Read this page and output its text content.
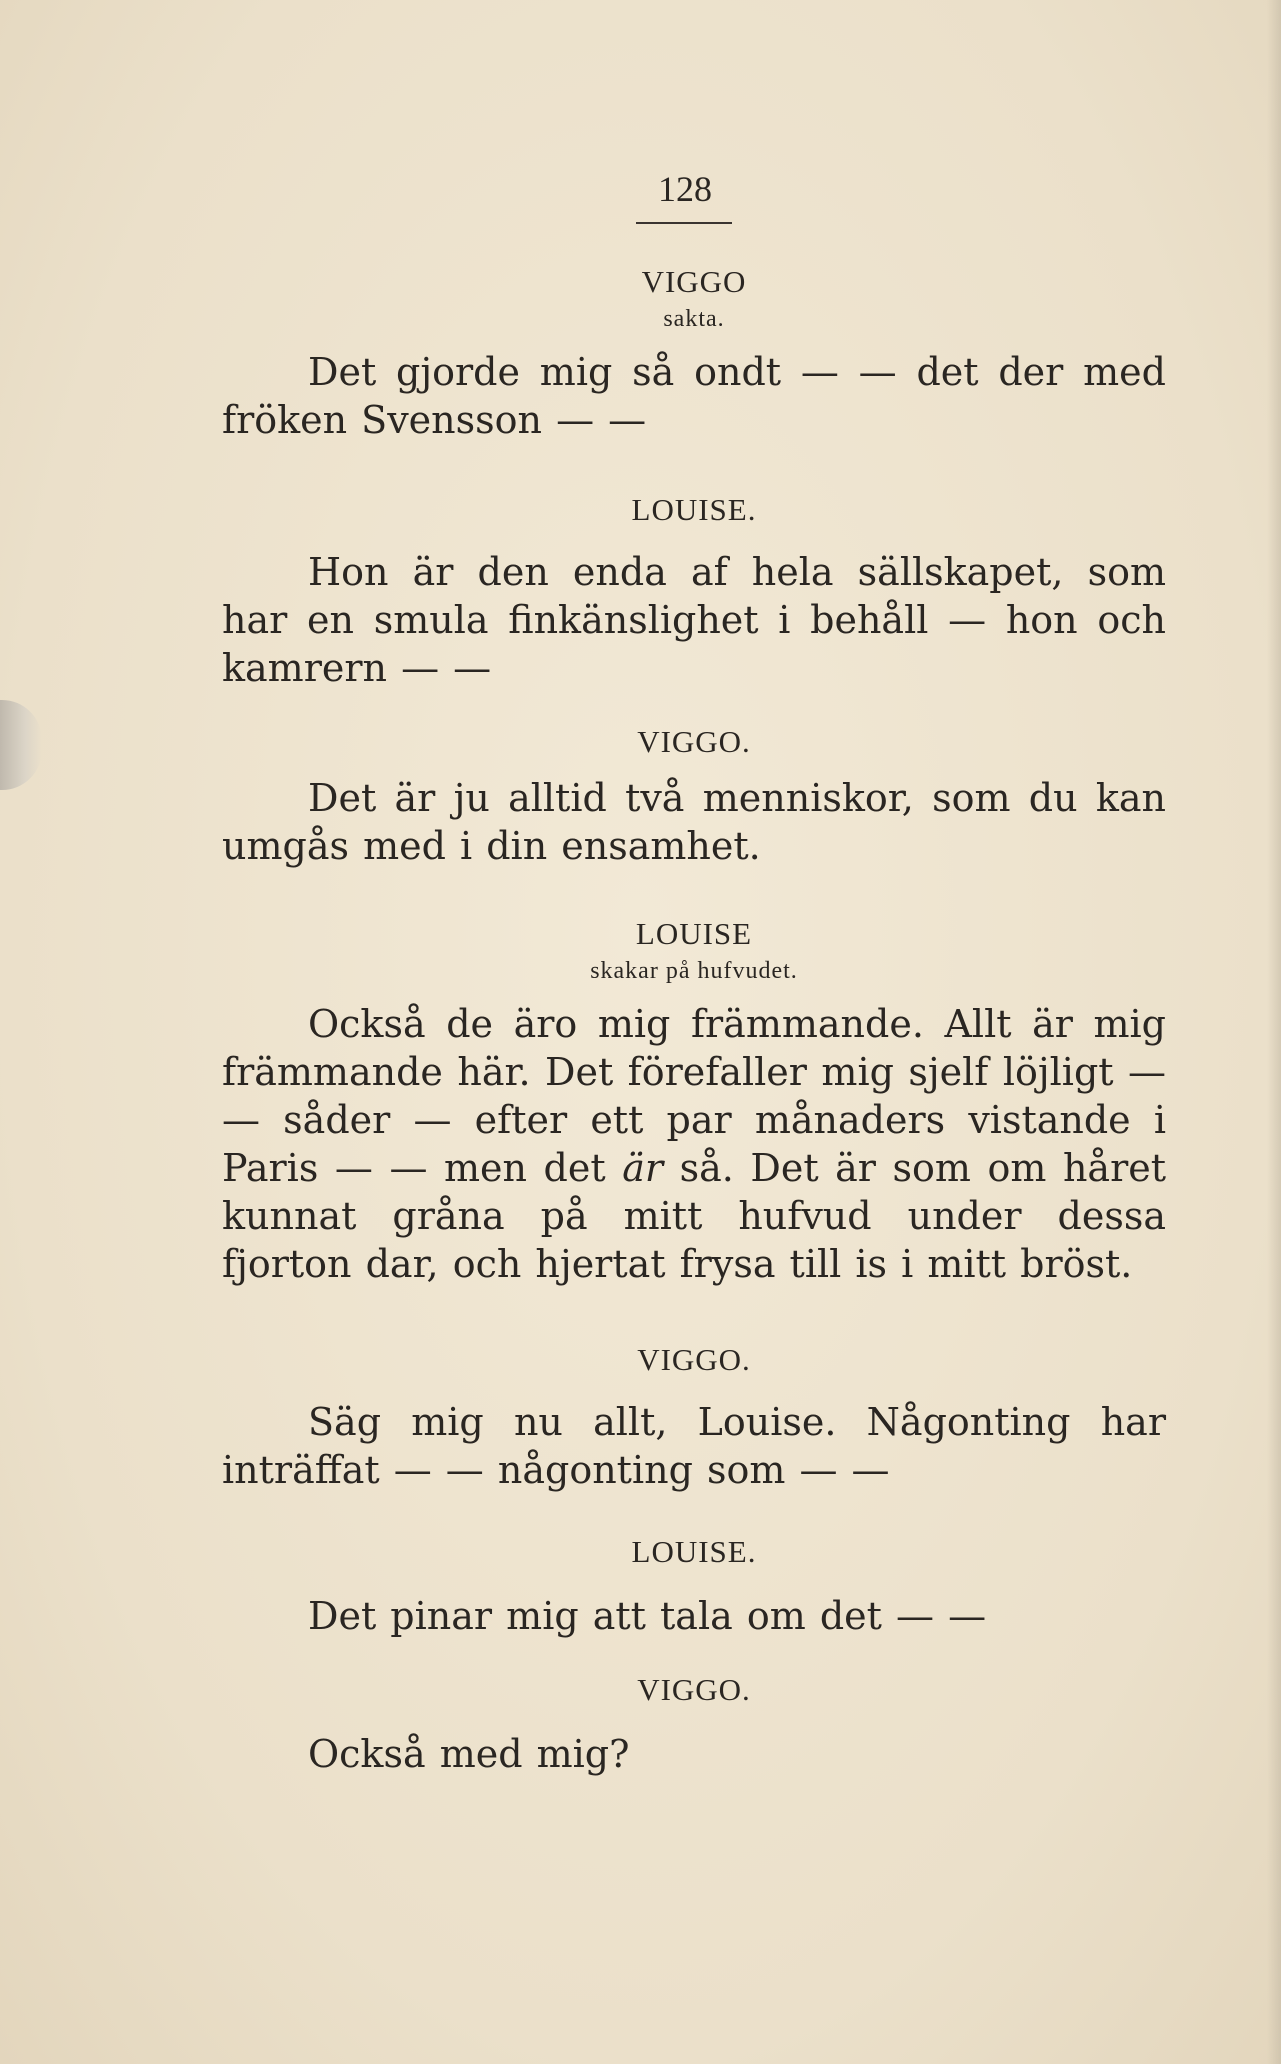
128
VIGGO
sakta.

Det gjorde mig så ondt — — det der med fröken Svensson — —

LOUISE.

Hon är den enda af hela sällskapet, som har en smula finkänslighet i behåll — hon och kamrern — —

VIGGO.

Det är ju alltid två menniskor, som du kan umgås med i din ensamhet.

LOUISE
skakar på hufvudet.

Också de äro mig främmande. Allt är mig främmande här. Det förefaller mig sjelf löjligt — — såder — efter ett par månaders vistande i Paris — — men det är så. Det är som om håret kunnat gråna på mitt hufvud under dessa fjorton dar, och hjertat frysa till is i mitt bröst.

VIGGO.

Säg mig nu allt, Louise. Någonting har inträffat — — någonting som — —

LOUISE.

Det pinar mig att tala om det — —

VIGGO.

Också med mig?
